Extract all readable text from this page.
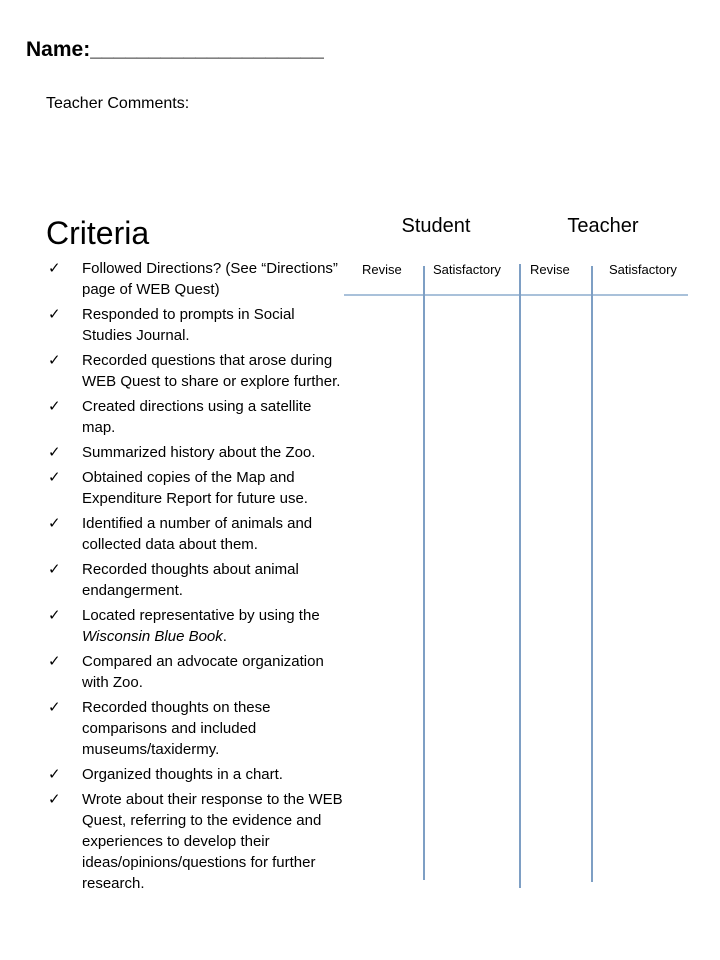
Name:____________________
Teacher Comments:
Criteria
✓ Followed Directions? (See “Directions” page of WEB Quest)
✓ Responded to prompts in Social Studies Journal.
✓ Recorded questions that arose during WEB Quest to share or explore further.
✓ Created directions using a satellite map.
✓ Summarized history about the Zoo.
✓ Obtained copies of the Map and Expenditure Report for future use.
✓ Identified a number of animals and collected data about them.
✓ Recorded thoughts about animal endangerment.
✓ Located representative by using the Wisconsin Blue Book.
✓ Compared an advocate organization with Zoo.
✓ Recorded thoughts on these comparisons and included museums/taxidermy.
✓ Organized thoughts in a chart.
✓ Wrote about their response to the WEB Quest, referring to the evidence and experiences to develop their ideas/opinions/questions for further research.
Student	Teacher
Revise Satisfactory Revise	Satisfactory
